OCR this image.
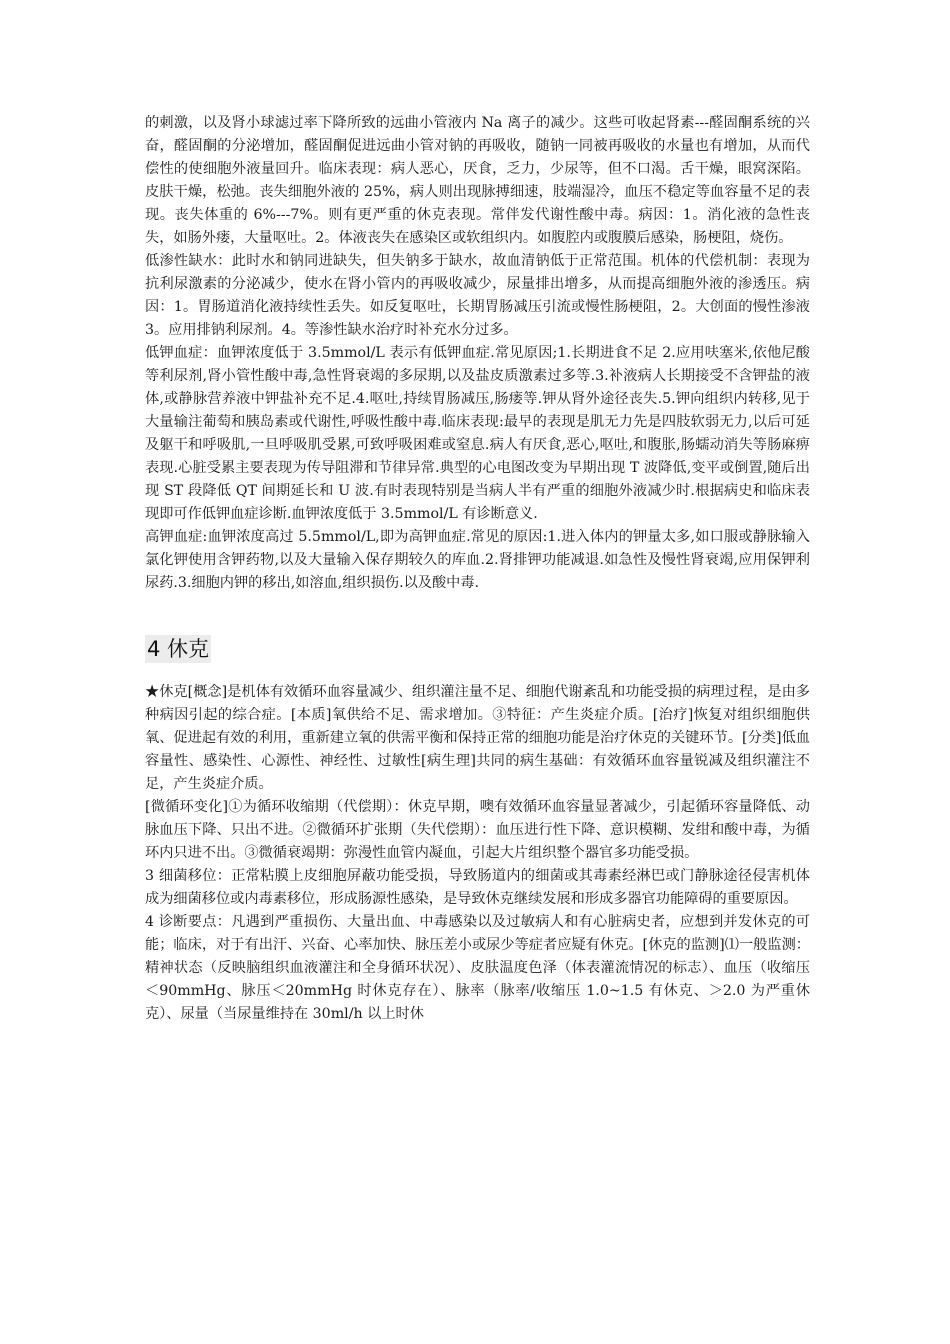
的刺激，以及肾小球滤过率下降所致的远曲小管液内 Na 离子的减少。这些可收起肾素---醛固酮系统的兴奋，醛固酮的分泌增加，醛固酮促进远曲小管对钠的再吸收，随钠一同被再吸收的水量也有增加，从而代偿性的使细胞外液量回升。临床表现：病人恶心，厌食，乏力，少尿等，但不口渴。舌干燥，眼窝深陷。皮肤干燥，松弛。丧失细胞外液的 25%，病人则出现脉搏细速，肢端湿冷，血压不稳定等血容量不足的表现。丧失体重的 6%---7%。则有更严重的休克表现。常伴发代谢性酸中毒。病因：1。消化液的急性丧失，如肠外瘘，大量呕吐。2。体液丧失在感染区或软组织内。如腹腔内或腹膜后感染，肠梗阻，烧伤。

低渗性缺水：此时水和钠同进缺失，但失钠多于缺水，故血清钠低于正常范围。机体的代偿机制：表现为抗利尿激素的分泌减少，使水在肾小管内的再吸收减少，尿量排出增多，从而提高细胞外液的渗透压。病因：1。胃肠道消化液持续性丢失。如反复呕吐，长期胃肠减压引流或慢性肠梗阻，2。大创面的慢性渗液 3。应用排钠利尿剂。4。等渗性缺水治疗时补充水分过多。

低钾血症：血钾浓度低于 3.5mmol/L 表示有低钾血症.常见原因;1.长期进食不足 2.应用呋塞米,依他尼酸等利尿剂,肾小管性酸中毒,急性肾衰竭的多尿期,以及盐皮质激素过多等.3.补液病人长期接受不含钾盐的液体,或静脉营养液中钾盐补充不足.4.呕吐,持续胃肠减压,肠瘘等.钾从肾外途径丧失.5.钾向组织内转移,见于大量输注葡萄和胰岛素或代谢性,呼吸性酸中毒.临床表现:最早的表现是肌无力先是四肢软弱无力,以后可延及躯干和呼吸肌,一旦呼吸肌受累,可致呼吸困难或窒息.病人有厌食,恶心,呕吐,和腹胀,肠蠕动消失等肠麻痹表现.心脏受累主要表现为传导阻滞和节律异常.典型的心电图改变为早期出现 T 波降低,变平或倒置,随后出现 ST 段降低 QT 间期延长和 U 波.有时表现特别是当病人半有严重的细胞外液减少时.根据病史和临床表现即可作低钾血症诊断.血钾浓度低于 3.5mmol/L 有诊断意义.

高钾血症:血钾浓度高过 5.5mmol/L,即为高钾血症.常见的原因:1.进入体内的钾量太多,如口服或静脉输入氯化钾使用含钾药物,以及大量输入保存期较久的库血.2.肾排钾功能减退.如急性及慢性肾衰竭,应用保钾利尿药.3.细胞内钾的移出,如溶血,组织损伤.以及酸中毒.

4 休克

★休克[概念]是机体有效循环血容量减少、组织灌注量不足、细胞代谢紊乱和功能受损的病理过程，是由多种病因引起的综合症。[本质]氧供给不足、需求增加。③特征：产生炎症介质。[治疗]恢复对组织细胞供氧、促进起有效的利用，重新建立氧的供需平衡和保持正常的细胞功能是治疗休克的关键环节。[分类]低血容量性、感染性、心源性、神经性、过敏性[病生理]共同的病生基础：有效循环血容量锐减及组织灌注不足，产生炎症介质。

[微循环变化]①为循环收缩期（代偿期）：休克早期，噢有效循环血容量显著减少，引起循环容量降低、动脉血压下降、只出不进。②微循环扩张期（失代偿期）：血压进行性下降、意识模糊、发绀和酸中毒，为循环内只进不出。③微循衰竭期：弥漫性血管内凝血，引起大片组织整个器官多功能受损。

3 细菌移位：正常粘膜上皮细胞屏蔽功能受损，导致肠道内的细菌或其毒素经淋巴或门静脉途径侵害机体成为细菌移位或内毒素移位，形成肠源性感染，是导致休克继续发展和形成多器官功能障碍的重要原因。

4 诊断要点：凡遇到严重损伤、大量出血、中毒感染以及过敏病人和有心脏病史者，应想到并发休克的可能；临床，对于有出汗、兴奋、心率加快、脉压差小或尿少等症者应疑有休克。[休克的监测]⑴一般监测：精神状态（反映脑组织血液灌注和全身循环状况）、皮肤温度色泽（体表灌流情况的标志）、血压（收缩压＜90mmHg、脉压＜20mmHg 时休克存在）、脉率（脉率/收缩压 1.0~1.5 有休克、＞2.0 为严重休克）、尿量（当尿量维持在 30ml/h 以上时休
